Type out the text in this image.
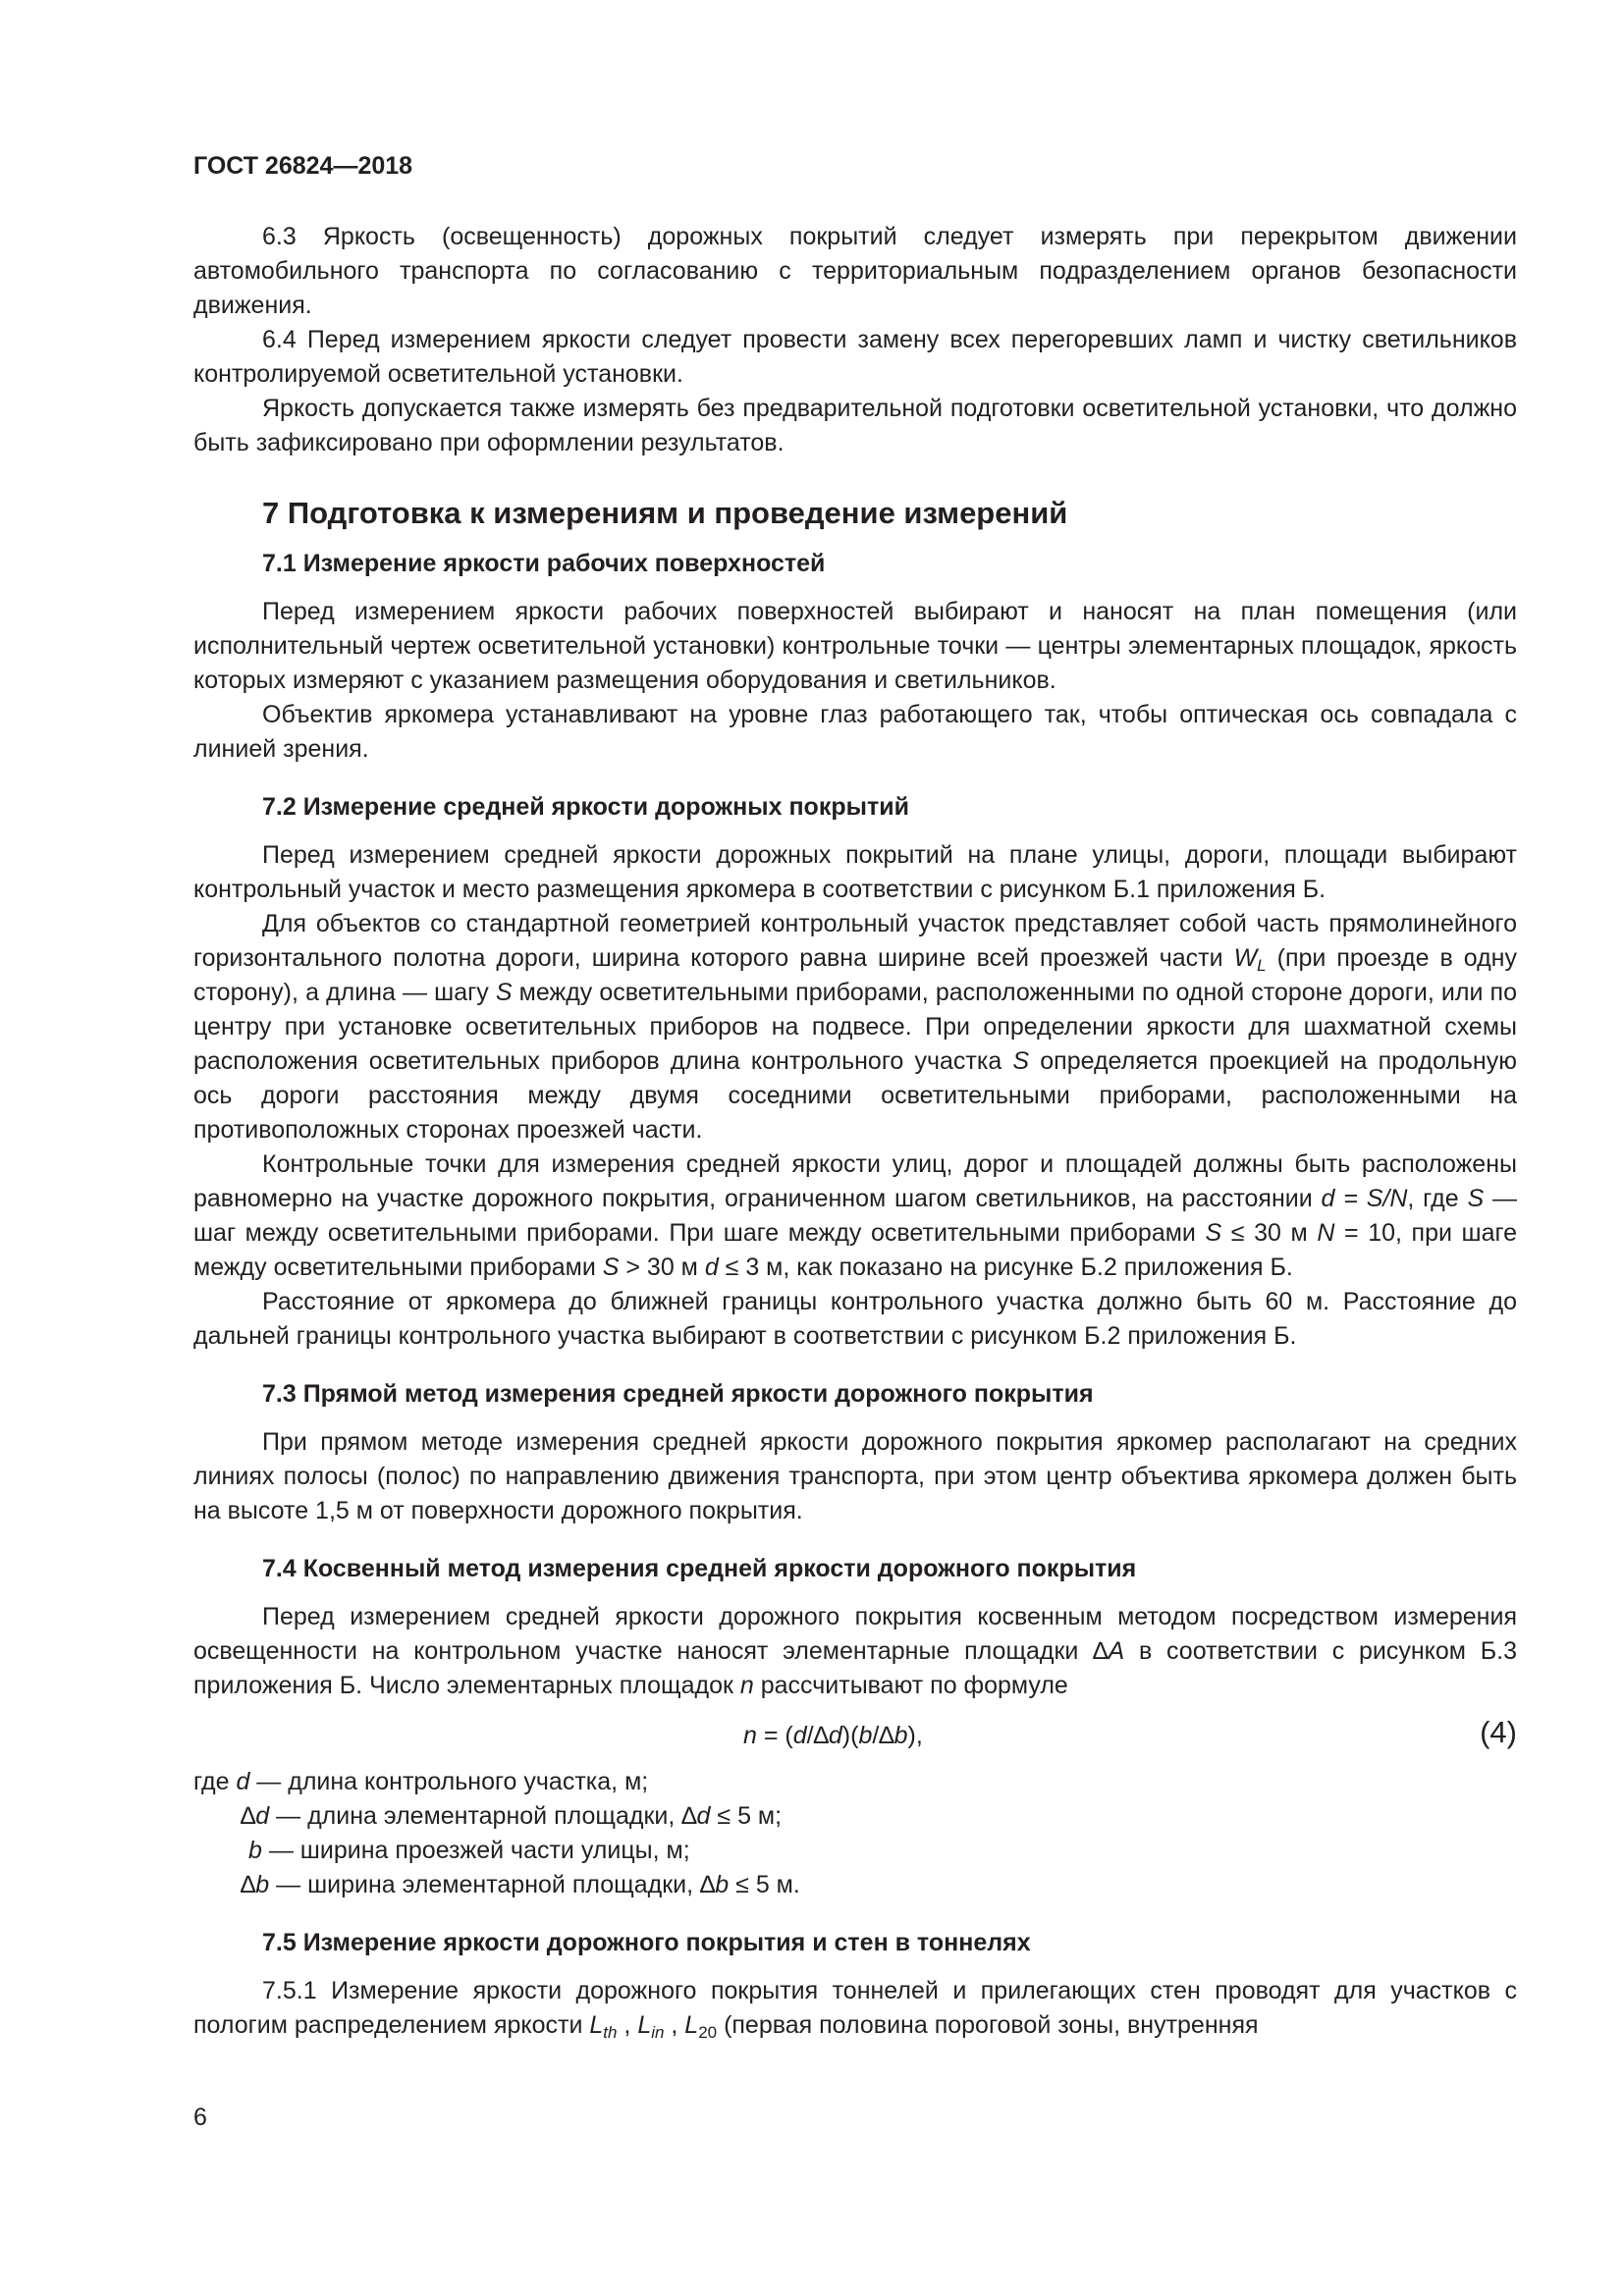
ГОСТ 26824—2018

6.3 Яркость (освещенность) дорожных покрытий следует измерять при перекрытом движении автомобильного транспорта по согласованию с территориальным подразделением органов безопасности движения.

6.4 Перед измерением яркости следует провести замену всех перегоревших ламп и чистку светильников контролируемой осветительной установки.

Яркость допускается также измерять без предварительной подготовки осветительной установки, что должно быть зафиксировано при оформлении результатов.

7 Подготовка к измерениям и проведение измерений
7.1 Измерение яркости рабочих поверхностей

Перед измерением яркости рабочих поверхностей выбирают и наносят на план помещения (или исполнительный чертеж осветительной установки) контрольные точки — центры элементарных площадок, яркость которых измеряют с указанием размещения оборудования и светильников.

Объектив яркомера устанавливают на уровне глаз работающего так, чтобы оптическая ось совпадала с линией зрения.

7.2 Измерение средней яркости дорожных покрытий

Перед измерением средней яркости дорожных покрытий на плане улицы, дороги, площади выбирают контрольный участок и место размещения яркомера в соответствии с рисунком Б.1 приложения Б.

Для объектов со стандартной геометрией контрольный участок представляет собой часть прямолинейного горизонтального полотна дороги, ширина которого равна ширине всей проезжей части $W_L$ (при проезде в одну сторону), а длина — шагу S между осветительными приборами, расположенными по одной стороне дороги, или по центру при установке осветительных приборов на подвесе. При определении яркости для шахматной схемы расположения осветительных приборов длина контрольного участка S определяется проекцией на продольную ось дороги расстояния между двумя соседними осветительными приборами, расположенными на противоположных сторонах проезжей части.

Контрольные точки для измерения средней яркости улиц, дорог и площадей должны быть расположены равномерно на участке дорожного покрытия, ограниченном шагом светильников, на расстоянии d = S/N, где S — шаг между осветительными приборами. При шаге между осветительными приборами S ≤ 30 м N = 10, при шаге между осветительными приборами S > 30 м d ≤ 3 м, как показано на рисунке Б.2 приложения Б.

Расстояние от яркомера до ближней границы контрольного участка должно быть 60 м. Расстояние до дальней границы контрольного участка выбирают в соответствии с рисунком Б.2 приложения Б.

7.3 Прямой метод измерения средней яркости дорожного покрытия

При прямом методе измерения средней яркости дорожного покрытия яркомер располагают на средних линиях полосы (полос) по направлению движения транспорта, при этом центр объектива яркомера должен быть на высоте 1,5 м от поверхности дорожного покрытия.

7.4 Косвенный метод измерения средней яркости дорожного покрытия

Перед измерением средней яркости дорожного покрытия косвенным методом посредством измерения освещенности на контрольном участке наносят элементарные площадки ∆A в соответствии с рисунком Б.3 приложения Б. Число элементарных площадок n рассчитывают по формуле

n = (d/∆d)(b/∆b),	(4)
где d — длина контрольного участка, м;
∆d — длина элементарной площадки, ∆d ≤ 5 м;
b — ширина проезжей части улицы, м;
∆b — ширина элементарной площадки, ∆b ≤ 5 м.
7.5 Измерение яркости дорожного покрытия и стен в тоннелях

7.5.1 Измерение яркости дорожного покрытия тоннелей и прилегающих стен проводят для участков с пологим распределением яркости $L_{th}$ , $L_{in}$ , $L_{20}$ (первая половина пороговой зоны, внутренняя

6
